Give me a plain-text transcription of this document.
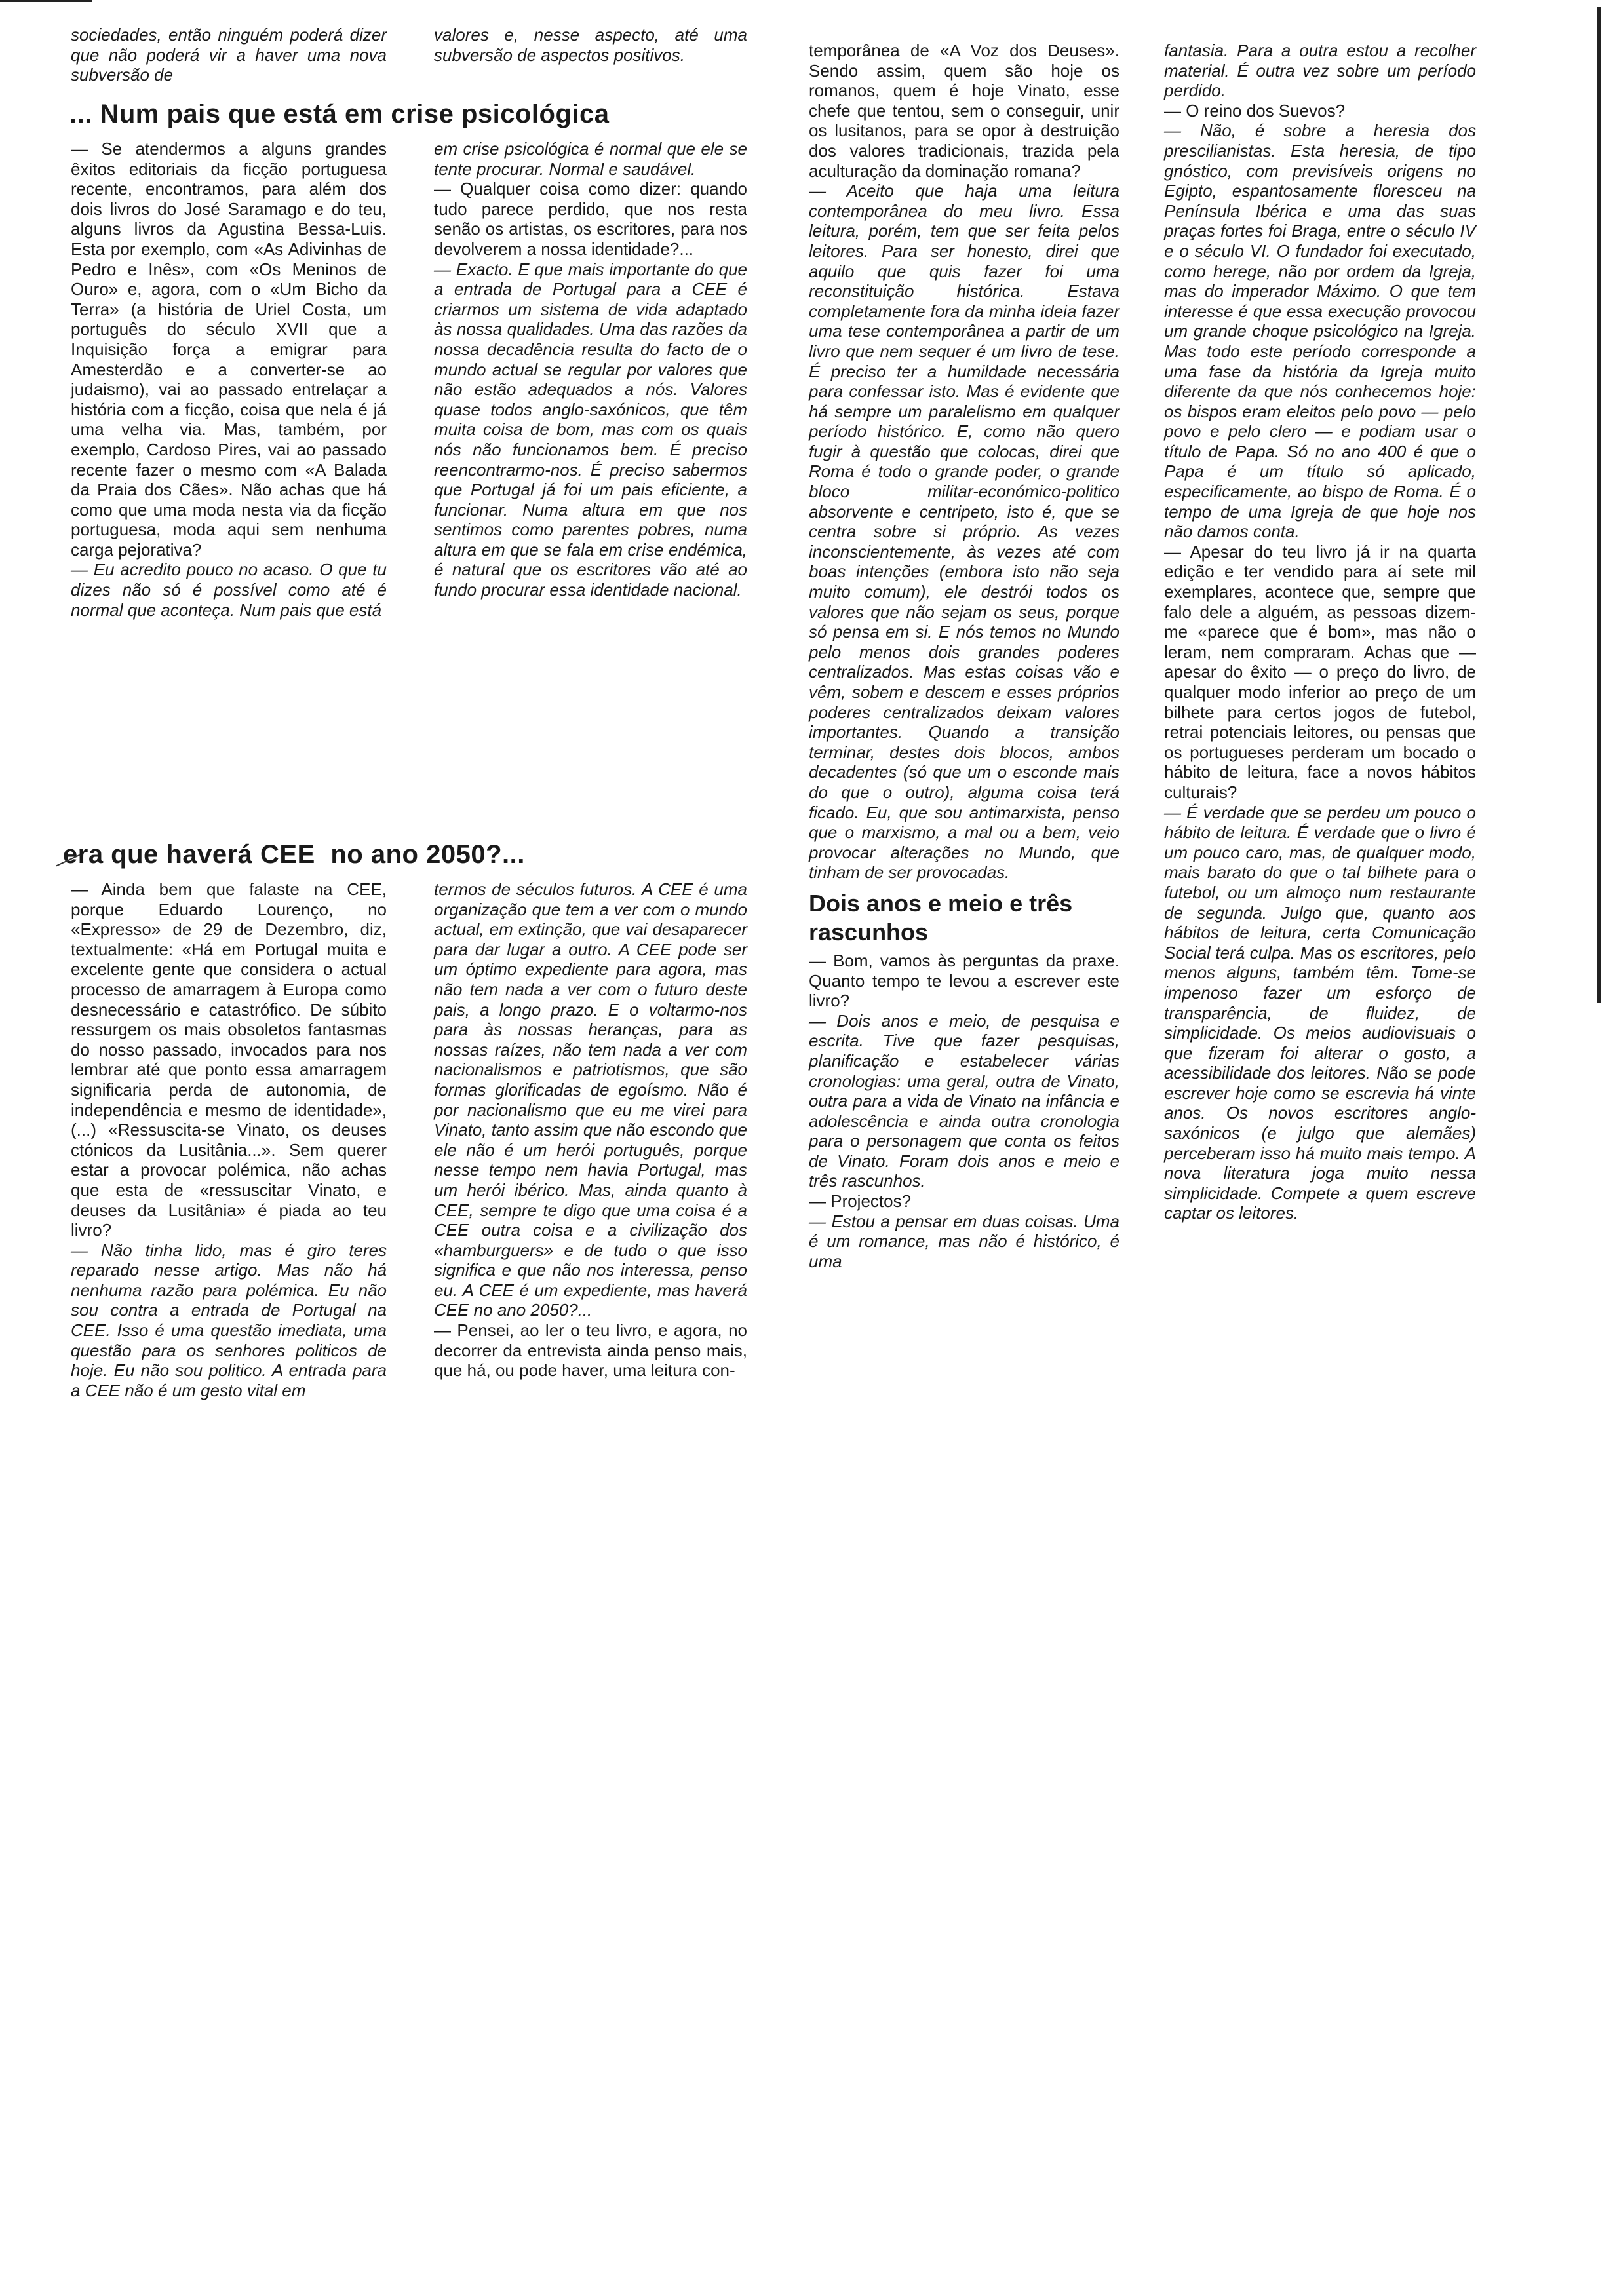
sociedades, então ninguém poderá dizer que não poderá vir a haver uma nova subversão de

valores e, nesse aspecto, até uma subversão de aspectos positivos.

... Num pais que está em crise psicológica

— Se atendermos a alguns grandes êxitos editoriais da ficção portuguesa recente, encontramos, para além dos dois livros do José Saramago e do teu, alguns livros da Agustina Bessa-Luis. Esta por exemplo, com «As Adivinhas de Pedro e Inês», com «Os Meninos de Ouro» e, agora, com o «Um Bicho da Terra» (a história de Uriel Costa, um português do século XVII que a Inquisição força a emigrar para Amesterdão e a converter-se ao judaismo), vai ao passado entrelaçar a história com a ficção, coisa que nela é já uma velha via. Mas, também, por exemplo, Cardoso Pires, vai ao passado recente fazer o mesmo com «A Balada da Praia dos Cães». Não achas que há como que uma moda nesta via da ficção portuguesa, moda aqui sem nenhuma carga pejorativa?

— Eu acredito pouco no acaso. O que tu dizes não só é possível como até é normal que aconteça. Num pais que está

em crise psicológica é normal que ele se tente procurar. Normal e saudável.

— Qualquer coisa como dizer: quando tudo parece perdido, que nos resta senão os artistas, os escritores, para nos devolverem a nossa identidade?...

— Exacto. E que mais importante do que a entrada de Portugal para a CEE é criarmos um sistema de vida adaptado às nossa qualidades. Uma das razões da nossa decadência resulta do facto de o mundo actual se regular por valores que não estão adequados a nós. Valores quase todos anglo-saxónicos, que têm muita coisa de bom, mas com os quais nós não funcionamos bem. É preciso reencontrarmo-nos. É preciso sabermos que Portugal já foi um pais eficiente, a funcionar. Numa altura em que nos sentimos como parentes pobres, numa altura em que se fala em crise endémica, é natural que os escritores vão até ao fundo procurar essa identidade nacional.

era que haverá CEE no ano 2050?...

— Ainda bem que falaste na CEE, porque Eduardo Lourenço, no «Expresso» de 29 de Dezembro, diz, textualmente: «Há em Portugal muita e excelente gente que considera o actual processo de amarragem à Europa como desnecessário e catastrófico. De súbito ressurgem os mais obsoletos fantasmas do nosso passado, invocados para nos lembrar até que ponto essa amarragem significaria perda de autonomia, de independência e mesmo de identidade», (...) «Ressuscita-se Vinato, os deuses ctónicos da Lusitânia...». Sem querer estar a provocar polémica, não achas que esta de «ressuscitar Vinato, e deuses da Lusitânia» é piada ao teu livro?

— Não tinha lido, mas é giro teres reparado nesse artigo. Mas não há nenhuma razão para polémica. Eu não sou contra a entrada de Portugal na CEE. Isso é uma questão imediata, uma questão para os senhores politicos de hoje. Eu não sou politico. A entrada para a CEE não é um gesto vital em

termos de séculos futuros. A CEE é uma organização que tem a ver com o mundo actual, em extinção, que vai desaparecer para dar lugar a outro. A CEE pode ser um óptimo expediente para agora, mas não tem nada a ver com o futuro deste pais, a longo prazo. E o voltarmo-nos para às nossas heranças, para as nossas raízes, não tem nada a ver com nacionalismos e patriotismos, que são formas glorificadas de egoísmo. Não é por nacionalismo que eu me virei para Vinato, tanto assim que não escondo que ele não é um herói português, porque nesse tempo nem havia Portugal, mas um herói ibérico. Mas, ainda quanto à CEE, sempre te digo que uma coisa é a CEE outra coisa e a civilização dos «hamburguers» e de tudo o que isso significa e que não nos interessa, penso eu. A CEE é um expediente, mas haverá CEE no ano 2050?...

— Pensei, ao ler o teu livro, e agora, no decorrer da entrevista ainda penso mais, que há, ou pode haver, uma leitura con-

temporânea de «A Voz dos Deuses». Sendo assim, quem são hoje os romanos, quem é hoje Vinato, esse chefe que tentou, sem o conseguir, unir os lusitanos, para se opor à destruição dos valores tradicionais, trazida pela aculturação da dominação romana?

— Aceito que haja uma leitura contemporânea do meu livro. Essa leitura, porém, tem que ser feita pelos leitores. Para ser honesto, direi que aquilo que quis fazer foi uma reconstituição histórica. Estava completamente fora da minha ideia fazer uma tese contemporânea a partir de um livro que nem sequer é um livro de tese. É preciso ter a humildade necessária para confessar isto. Mas é evidente que há sempre um paralelismo em qualquer período histórico. E, como não quero fugir à questão que colocas, direi que Roma é todo o grande poder, o grande bloco militar-económico-politico absorvente e centripeto, isto é, que se centra sobre si próprio. As vezes inconscientemente, às vezes até com boas intenções (embora isto não seja muito comum), ele destrói todos os valores que não sejam os seus, porque só pensa em si. E nós temos no Mundo pelo menos dois grandes poderes centralizados. Mas estas coisas vão e vêm, sobem e descem e esses próprios poderes centralizados deixam valores importantes. Quando a transição terminar, destes dois blocos, ambos decadentes (só que um o esconde mais do que o outro), alguma coisa terá ficado. Eu, que sou antimarxista, penso que o marxismo, a mal ou a bem, veio provocar alterações no Mundo, que tinham de ser provocadas.

Dois anos e meio e três rascunhos

— Bom, vamos às perguntas da praxe. Quanto tempo te levou a escrever este livro?

— Dois anos e meio, de pesquisa e escrita. Tive que fazer pesquisas, planificação e estabelecer várias cronologias: uma geral, outra de Vinato, outra para a vida de Vinato na infância e adolescência e ainda outra cronologia para o personagem que conta os feitos de Vinato. Foram dois anos e meio e três rascunhos.

— Projectos?

— Estou a pensar em duas coisas. Uma é um romance, mas não é histórico, é uma

fantasia. Para a outra estou a recolher material. É outra vez sobre um período perdido.

— O reino dos Suevos?

— Não, é sobre a heresia dos prescilianistas. Esta heresia, de tipo gnóstico, com previsíveis origens no Egipto, espantosamente floresceu na Península Ibérica e uma das suas praças fortes foi Braga, entre o século IV e o século VI. O fundador foi executado, como herege, não por ordem da Igreja, mas do imperador Máximo. O que tem interesse é que essa execução provocou um grande choque psicológico na Igreja. Mas todo este período corresponde a uma fase da história da Igreja muito diferente da que nós conhecemos hoje: os bispos eram eleitos pelo povo — pelo povo e pelo clero — e podiam usar o título de Papa. Só no ano 400 é que o Papa é um título só aplicado, especificamente, ao bispo de Roma. É o tempo de uma Igreja de que hoje nos não damos conta.

— Apesar do teu livro já ir na quarta edição e ter vendido para aí sete mil exemplares, acontece que, sempre que falo dele a alguém, as pessoas dizem-me «parece que é bom», mas não o leram, nem compraram. Achas que — apesar do êxito — o preço do livro, de qualquer modo inferior ao preço de um bilhete para certos jogos de futebol, retrai potenciais leitores, ou pensas que os portugueses perderam um bocado o hábito de leitura, face a novos hábitos culturais?

— É verdade que se perdeu um pouco o hábito de leitura. É verdade que o livro é um pouco caro, mas, de qualquer modo, mais barato do que o tal bilhete para o futebol, ou um almoço num restaurante de segunda. Julgo que, quanto aos hábitos de leitura, certa Comunicação Social terá culpa. Mas os escritores, pelo menos alguns, também têm. Tome-se impenoso fazer um esforço de transparência, de fluidez, de simplicidade. Os meios audiovisuais o que fizeram foi alterar o gosto, a acessibilidade dos leitores. Não se pode escrever hoje como se escrevia há vinte anos. Os novos escritores anglo-saxónicos (e julgo que alemães) perceberam isso há muito mais tempo. A nova literatura joga muito nessa simplicidade. Compete a quem escreve captar os leitores.
